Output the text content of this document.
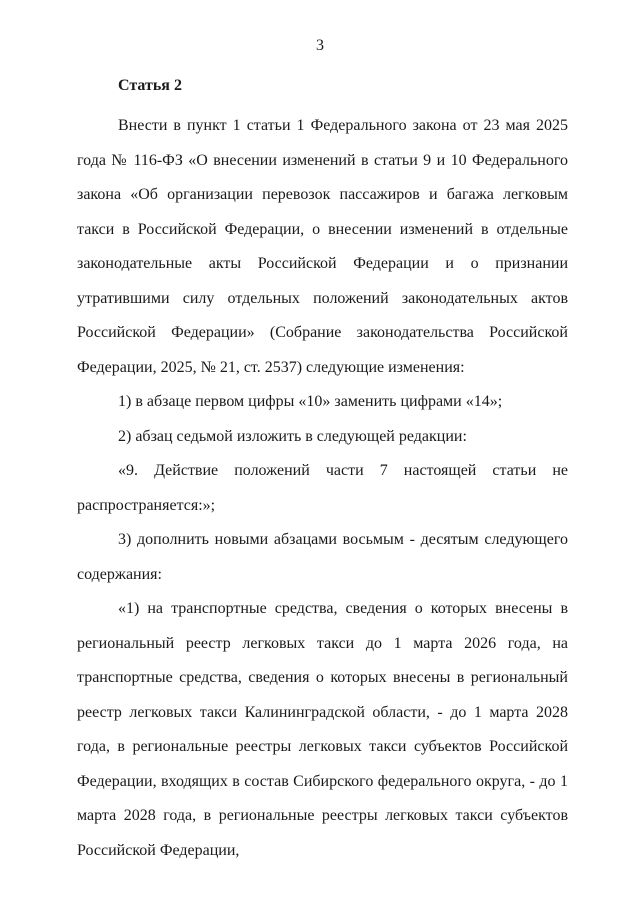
3
Статья 2

Внести в пункт 1 статьи 1 Федерального закона от 23 мая 2025 года № 116-ФЗ «О внесении изменений в статьи 9 и 10 Федерального закона «Об организации перевозок пассажиров и багажа легковым такси в Российской Федерации, о внесении изменений в отдельные законодательные акты Российской Федерации и о признании утратившими силу отдельных положений законодательных актов Российской Федерации» (Собрание законодательства Российской Федерации, 2025, № 21, ст. 2537) следующие изменения:

1) в абзаце первом цифры «10» заменить цифрами «14»;

2) абзац седьмой изложить в следующей редакции:

«9. Действие положений части 7 настоящей статьи не распространяется:»;

3) дополнить новыми абзацами восьмым - десятым следующего содержания:

«1) на транспортные средства, сведения о которых внесены в региональный реестр легковых такси до 1 марта 2026 года, на транспортные средства, сведения о которых внесены в региональный реестр легковых такси Калининградской области, - до 1 марта 2028 года, в региональные реестры легковых такси субъектов Российской Федерации, входящих в состав Сибирского федерального округа, - до 1 марта 2028 года, в региональные реестры легковых такси субъектов Российской Федерации,
